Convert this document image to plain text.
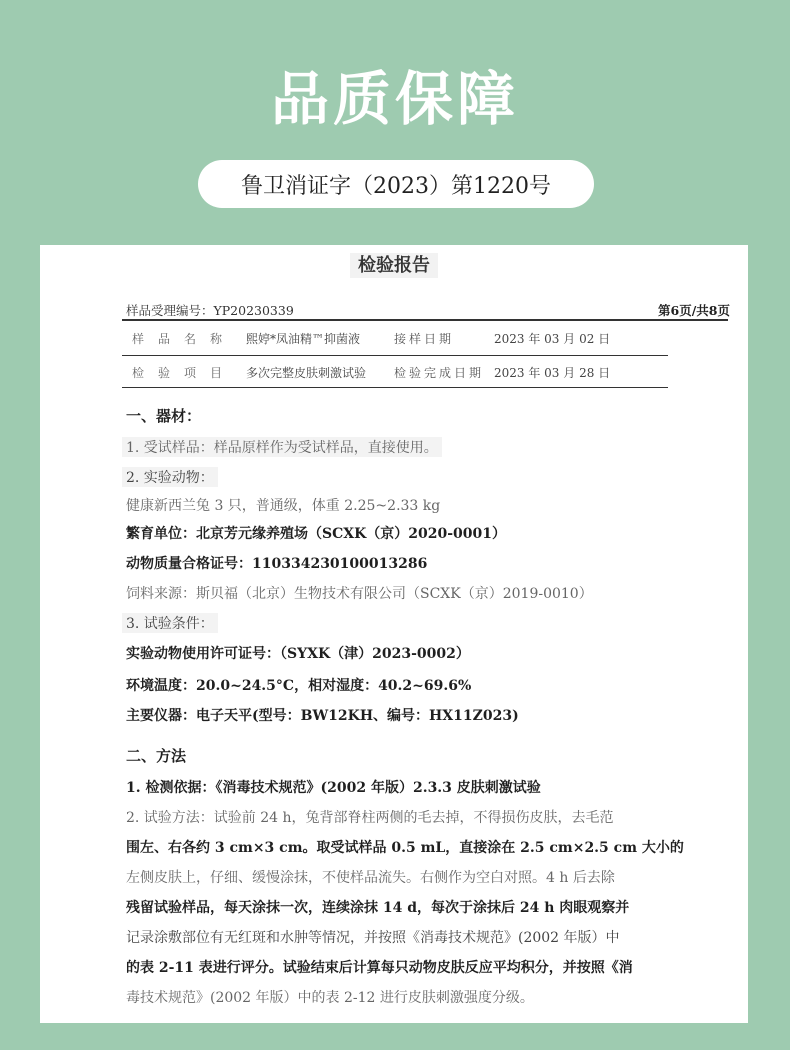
品质保障
鲁卫消证字（2023）第1220号
检验报告
样品受理编号：YP20230339	第6页/共8页
样品名称 熙婷*凤油精™抑菌液	接样日期	2023 年 03 月 02 日
检验项目 多次完整皮肤刺激试验	检验完成日期 2023 年 03 月 28 日
一、器材：
1. 受试样品：样品原样作为受试样品，直接使用。
2. 实验动物：
健康新西兰兔 3 只，普通级，体重 2.25~2.33 kg
繁育单位：北京芳元缘养殖场（SCXK（京）2020-0001）
动物质量合格证号：110334230100013286
饲料来源：斯贝福（北京）生物技术有限公司（SCXK（京）2019-0010）
3. 试验条件：
实验动物使用许可证号：（SYXK（津）2023-0002）
环境温度：20.0~24.5°C，相对湿度：40.2~69.6%
主要仪器：电子天平(型号：BW12KH、编号：HX11Z023)
二、方法
1. 检测依据：《消毒技术规范》(2002 年版）2.3.3 皮肤刺激试验
2. 试验方法：试验前 24 h，兔背部脊柱两侧的毛去掉，不得损伤皮肤，去毛范
围左、右各约 3 cm×3 cm。取受试样品 0.5 mL，直接涂在 2.5 cm×2.5 cm 大小的
左侧皮肤上，仔细、缓慢涂抹，不使样品流失。右侧作为空白对照。4 h 后去除
残留试验样品，每天涂抹一次，连续涂抹 14 d，每次于涂抹后 24 h 肉眼观察并
记录涂敷部位有无红斑和水肿等情况，并按照《消毒技术规范》(2002 年版）中
的表 2-11 表进行评分。试验结束后计算每只动物皮肤反应平均积分，并按照《消
毒技术规范》(2002 年版）中的表 2-12 进行皮肤刺激强度分级。
